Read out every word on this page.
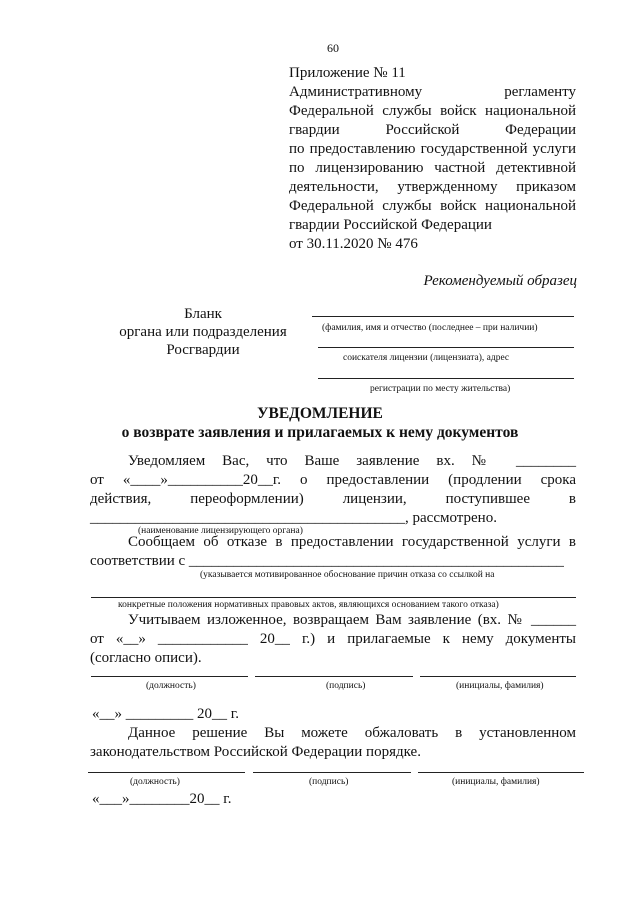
60
Приложение № 11
Административному регламенту
Федеральной службы войск национальной
гвардии Российской Федерации
по предоставлению государственной услуги
по лицензированию частной детективной
деятельности, утвержденному приказом
Федеральной службы войск национальной
гвардии Российской Федерации
от 30.11.2020 № 476
Рекомендуемый образец
Бланк
органа или подразделения
Росгвардии
(фамилия, имя и отчество (последнее – при наличии)
соискателя лицензии (лицензиата), адрес
регистрации по месту жительства)
УВЕДОМЛЕНИЕ
о возврате заявления и прилагаемых к нему документов
Уведомляем Вас, что Ваше заявление вх. № ________
от «____»__________20__г. о предоставлении (продлении срока
действия, переоформлении) лицензии, поступившее в
__________________________________________, рассмотрено.
(наименование лицензирующего органа)
Сообщаем об отказе в предоставлении государственной услуги в
соответствии с __________________________________________________
(указывается мотивированное обоснование причин отказа со ссылкой на
конкретные положения нормативных правовых актов, являющихся основанием такого отказа)
Учитываем изложенное, возвращаем Вам заявление (вх. № ______
от «__» ____________ 20__ г.) и прилагаемые к нему документы
(согласно описи).
(должность)	(подпись)	(инициалы, фамилия)
«__» _________ 20__ г.
Данное решение Вы можете обжаловать в установленном
законодательством Российской Федерации порядке.
(должность)	(подпись)	(инициалы, фамилия)
«___»________20__ г.
